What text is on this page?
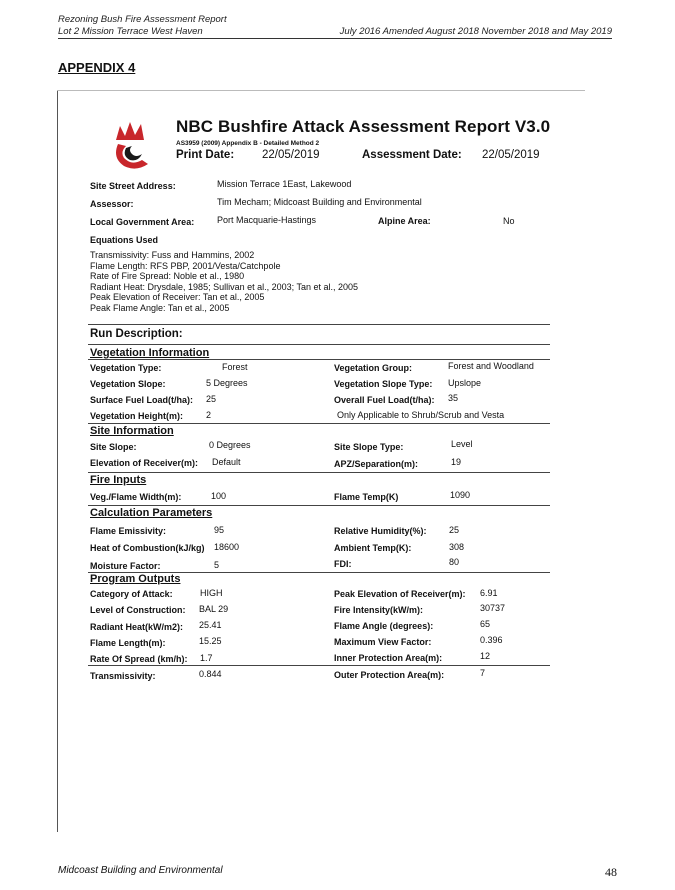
Rezoning Bush Fire Assessment Report
Lot 2 Mission Terrace West Haven	July 2016 Amended August 2018 November 2018 and May 2019
APPENDIX 4
NBC Bushfire Attack Assessment Report V3.0
AS3959 (2009) Appendix B - Detailed Method 2
Print Date: 22/05/2019	Assessment Date: 22/05/2019
Site Street Address:	Mission Terrace 1East, Lakewood
Assessor:	Tim Mecham; Midcoast Building and Environmental
Local Government Area:	Port Macquarie-Hastings	Alpine Area:	No
Equations Used
Transmissivity: Fuss and Hammins, 2002
Flame Length: RFS PBP, 2001/Vesta/Catchpole
Rate of Fire Spread: Noble et al., 1980
Radiant Heat: Drysdale, 1985; Sullivan et al., 2003; Tan et al., 2005
Peak Elevation of Receiver: Tan et al., 2005
Peak Flame Angle: Tan et al., 2005
Run Description:
Vegetation Information
Vegetation Type:	Forest	Vegetation Group:	Forest and Woodland
Vegetation Slope:	5 Degrees	Vegetation Slope Type: Upslope
Surface Fuel Load(t/ha): 25	Overall Fuel Load(t/ha): 35
Vegetation Height(m):	2	Only Applicable to Shrub/Scrub and Vesta
Site Information
Site Slope:	0 Degrees	Site Slope Type:	Level
Elevation of Receiver(m): Default	APZ/Separation(m):	19
Fire Inputs
Veg./Flame Width(m):	100	Flame Temp(K)	1090
Calculation Parameters
Flame Emissivity:	95	Relative Humidity(%): 25
Heat of Combustion(kJ/kg) 18600	Ambient Temp(K):	308
Moisture Factor:	5	FDI:	80
Program Outputs
Category of Attack:	HIGH	Peak Elevation of Receiver(m): 6.91
Level of Construction: BAL 29	Fire Intensity(kW/m):	30737
Radiant Heat(kW/m2): 25.41	Flame Angle (degrees):	65
Flame Length(m):	15.25	Maximum View Factor:	0.396
Rate Of Spread (km/h): 1.7	Inner Protection Area(m):	12
Transmissivity:	0.844	Outer Protection Area(m):	7
Midcoast Building and Environmental	48
